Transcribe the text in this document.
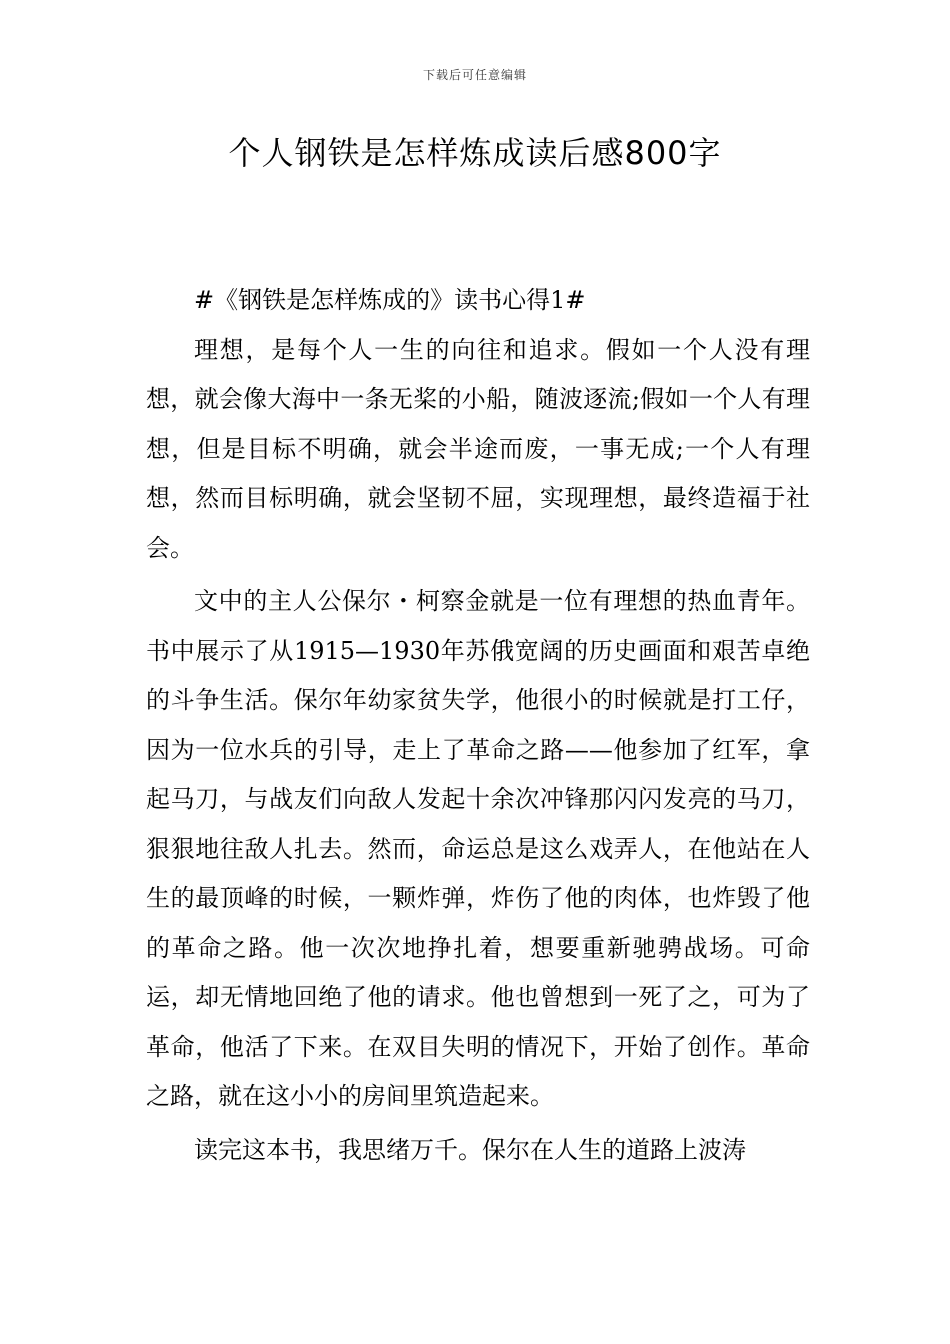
下载后可任意编辑
个人钢铁是怎样炼成读后感800字

#《钢铁是怎样炼成的》读书心得1#

理想，是每个人一生的向往和追求。假如一个人没有理想，就会像大海中一条无桨的小船，随波逐流;假如一个人有理想，但是目标不明确，就会半途而废，一事无成;一个人有理想，然而目标明确，就会坚韧不屈，实现理想，最终造福于社会。

文中的主人公保尔・柯察金就是一位有理想的热血青年。书中展示了从1915—1930年苏俄宽阔的历史画面和艰苦卓绝的斗争生活。保尔年幼家贫失学，他很小的时候就是打工仔，因为一位水兵的引导，走上了革命之路——他参加了红军，拿起马刀，与战友们向敌人发起十余次冲锋那闪闪发亮的马刀，狠狠地往敌人扎去。然而，命运总是这么戏弄人，在他站在人生的最顶峰的时候，一颗炸弹，炸伤了他的肉体，也炸毁了他的革命之路。他一次次地挣扎着，想要重新驰骋战场。可命运，却无情地回绝了他的请求。他也曾想到一死了之，可为了革命，他活了下来。在双目失明的情况下，开始了创作。革命之路，就在这小小的房间里筑造起来。

读完这本书，我思绪万千。保尔在人生的道路上波涛
